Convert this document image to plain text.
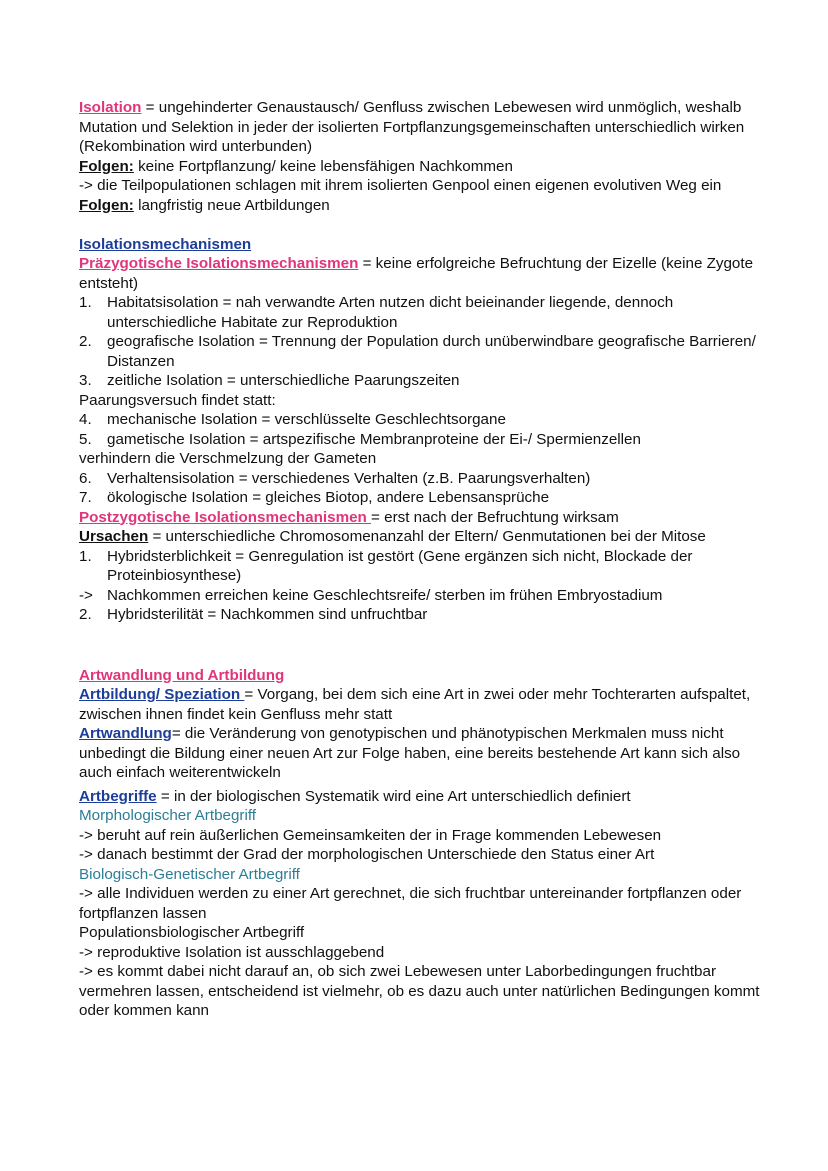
Isolation = ungehinderter Genaustausch/ Genfluss zwischen Lebewesen wird unmöglich, weshalb Mutation und Selektion in jeder der isolierten Fortpflanzungsgemeinschaften unterschiedlich wirken (Rekombination wird unterbunden)

Folgen: keine Fortpflanzung/ keine lebensfähigen Nachkommen

-> die Teilpopulationen schlagen mit ihrem isolierten Genpool einen eigenen evolutiven Weg ein

Folgen: langfristig neue Artbildungen

Isolationsmechanismen

Präzygotische Isolationsmechanismen = keine erfolgreiche Befruchtung der Eizelle (keine Zygote entsteht)

1. Habitatsisolation = nah verwandte Arten nutzen dicht beieinander liegende, dennoch unterschiedliche Habitate zur Reproduktion
2. geografische Isolation = Trennung der Population durch unüberwindbare geografische Barrieren/ Distanzen
3. zeitliche Isolation = unterschiedliche Paarungszeiten

Paarungsversuch findet statt:

4. mechanische Isolation = verschlüsselte Geschlechtsorgane
5. gametische Isolation = artspezifische Membranproteine der Ei-/ Spermienzellen

verhindern die Verschmelzung der Gameten

6. Verhaltensisolation = verschiedenes Verhalten (z.B. Paarungsverhalten)
7. ökologische Isolation = gleiches Biotop, andere Lebensansprüche

Postzygotische Isolationsmechanismen = erst nach der Befruchtung wirksam

Ursachen = unterschiedliche Chromosomenanzahl der Eltern/ Genmutationen bei der Mitose

1. Hybridsterblichkeit = Genregulation ist gestört (Gene ergänzen sich nicht, Blockade der Proteinbiosynthese)
-> Nachkommen erreichen keine Geschlechtsreife/ sterben im frühen Embryostadium
2. Hybridsterilität = Nachkommen sind unfruchtbar

Artwandlung und Artbildung

Artbildung/ Speziation = Vorgang, bei dem sich eine Art in zwei oder mehr Tochterarten aufspaltet, zwischen ihnen findet kein Genfluss mehr statt

Artwandlung= die Veränderung von genotypischen und phänotypischen Merkmalen muss nicht unbedingt die Bildung einer neuen Art zur Folge haben, eine bereits bestehende Art kann sich also auch einfach weiterentwickeln

Artbegriffe = in der biologischen Systematik wird eine Art unterschiedlich definiert

Morphologischer Artbegriff

-> beruht auf rein äußerlichen Gemeinsamkeiten der in Frage kommenden Lebewesen

-> danach bestimmt der Grad der morphologischen Unterschiede den Status einer Art

Biologisch-Genetischer Artbegriff

-> alle Individuen werden zu einer Art gerechnet, die sich fruchtbar untereinander fortpflanzen oder fortpflanzen lassen

Populationsbiologischer Artbegriff

-> reproduktive Isolation ist ausschlaggebend

-> es kommt dabei nicht darauf an, ob sich zwei Lebewesen unter Laborbedingungen fruchtbar vermehren lassen, entscheidend ist vielmehr, ob es dazu auch unter natürlichen Bedingungen kommt oder kommen kann
